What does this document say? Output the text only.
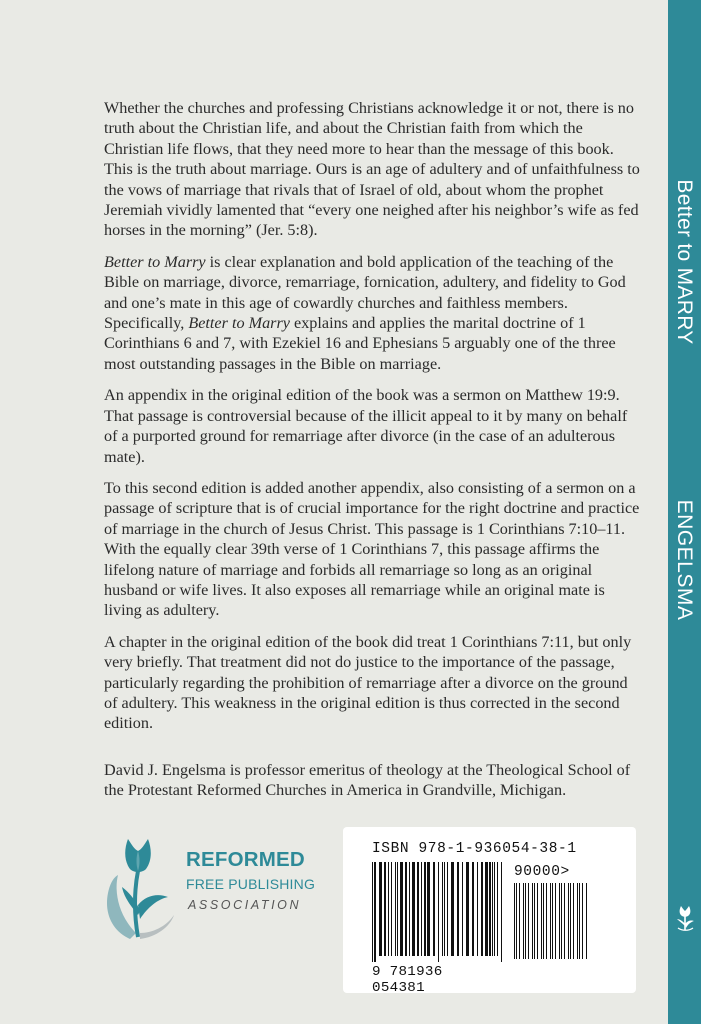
Whether the churches and professing Christians acknowledge it or not, there is no truth about the Christian life, and about the Christian faith from which the Christian life flows, that they need more to hear than the message of this book. This is the truth about marriage. Ours is an age of adultery and of unfaithfulness to the vows of marriage that rivals that of Israel of old, about whom the prophet Jeremiah vividly lamented that “every one neighed after his neighbor’s wife as fed horses in the morning” (Jer. 5:8).

Better to Marry is clear explanation and bold application of the teaching of the Bible on marriage, divorce, remarriage, fornication, adultery, and fidelity to God and one’s mate in this age of cowardly churches and faithless members. Specifically, Better to Marry explains and applies the marital doctrine of 1 Corinthians 6 and 7, with Ezekiel 16 and Ephesians 5 arguably one of the three most outstanding passages in the Bible on marriage.

An appendix in the original edition of the book was a sermon on Matthew 19:9. That passage is controversial because of the illicit appeal to it by many on behalf of a purported ground for remarriage after divorce (in the case of an adulterous mate).

To this second edition is added another appendix, also consisting of a sermon on a passage of scripture that is of crucial importance for the right doctrine and practice of marriage in the church of Jesus Christ. This passage is 1 Corinthians 7:10–11. With the equally clear 39th verse of 1 Corinthians 7, this passage affirms the lifelong nature of marriage and forbids all remarriage so long as an original husband or wife lives. It also exposes all remarriage while an original mate is living as adultery.

A chapter in the original edition of the book did treat 1 Corinthians 7:11, but only very briefly. That treatment did not do justice to the importance of the passage, particularly regarding the prohibition of remarriage after a divorce on the ground of adultery. This weakness in the original edition is thus corrected in the second edition.

David J. Engelsma is professor emeritus of theology at the Theological School of the Protestant Reformed Churches in America in Grandville, Michigan.

REFORMED
FREE PUBLISHING
ASSOCIATION
ISBN 978-1-936054-38-1
90000>
9 781936 054381
Better to MARRY
ENGELSMA
